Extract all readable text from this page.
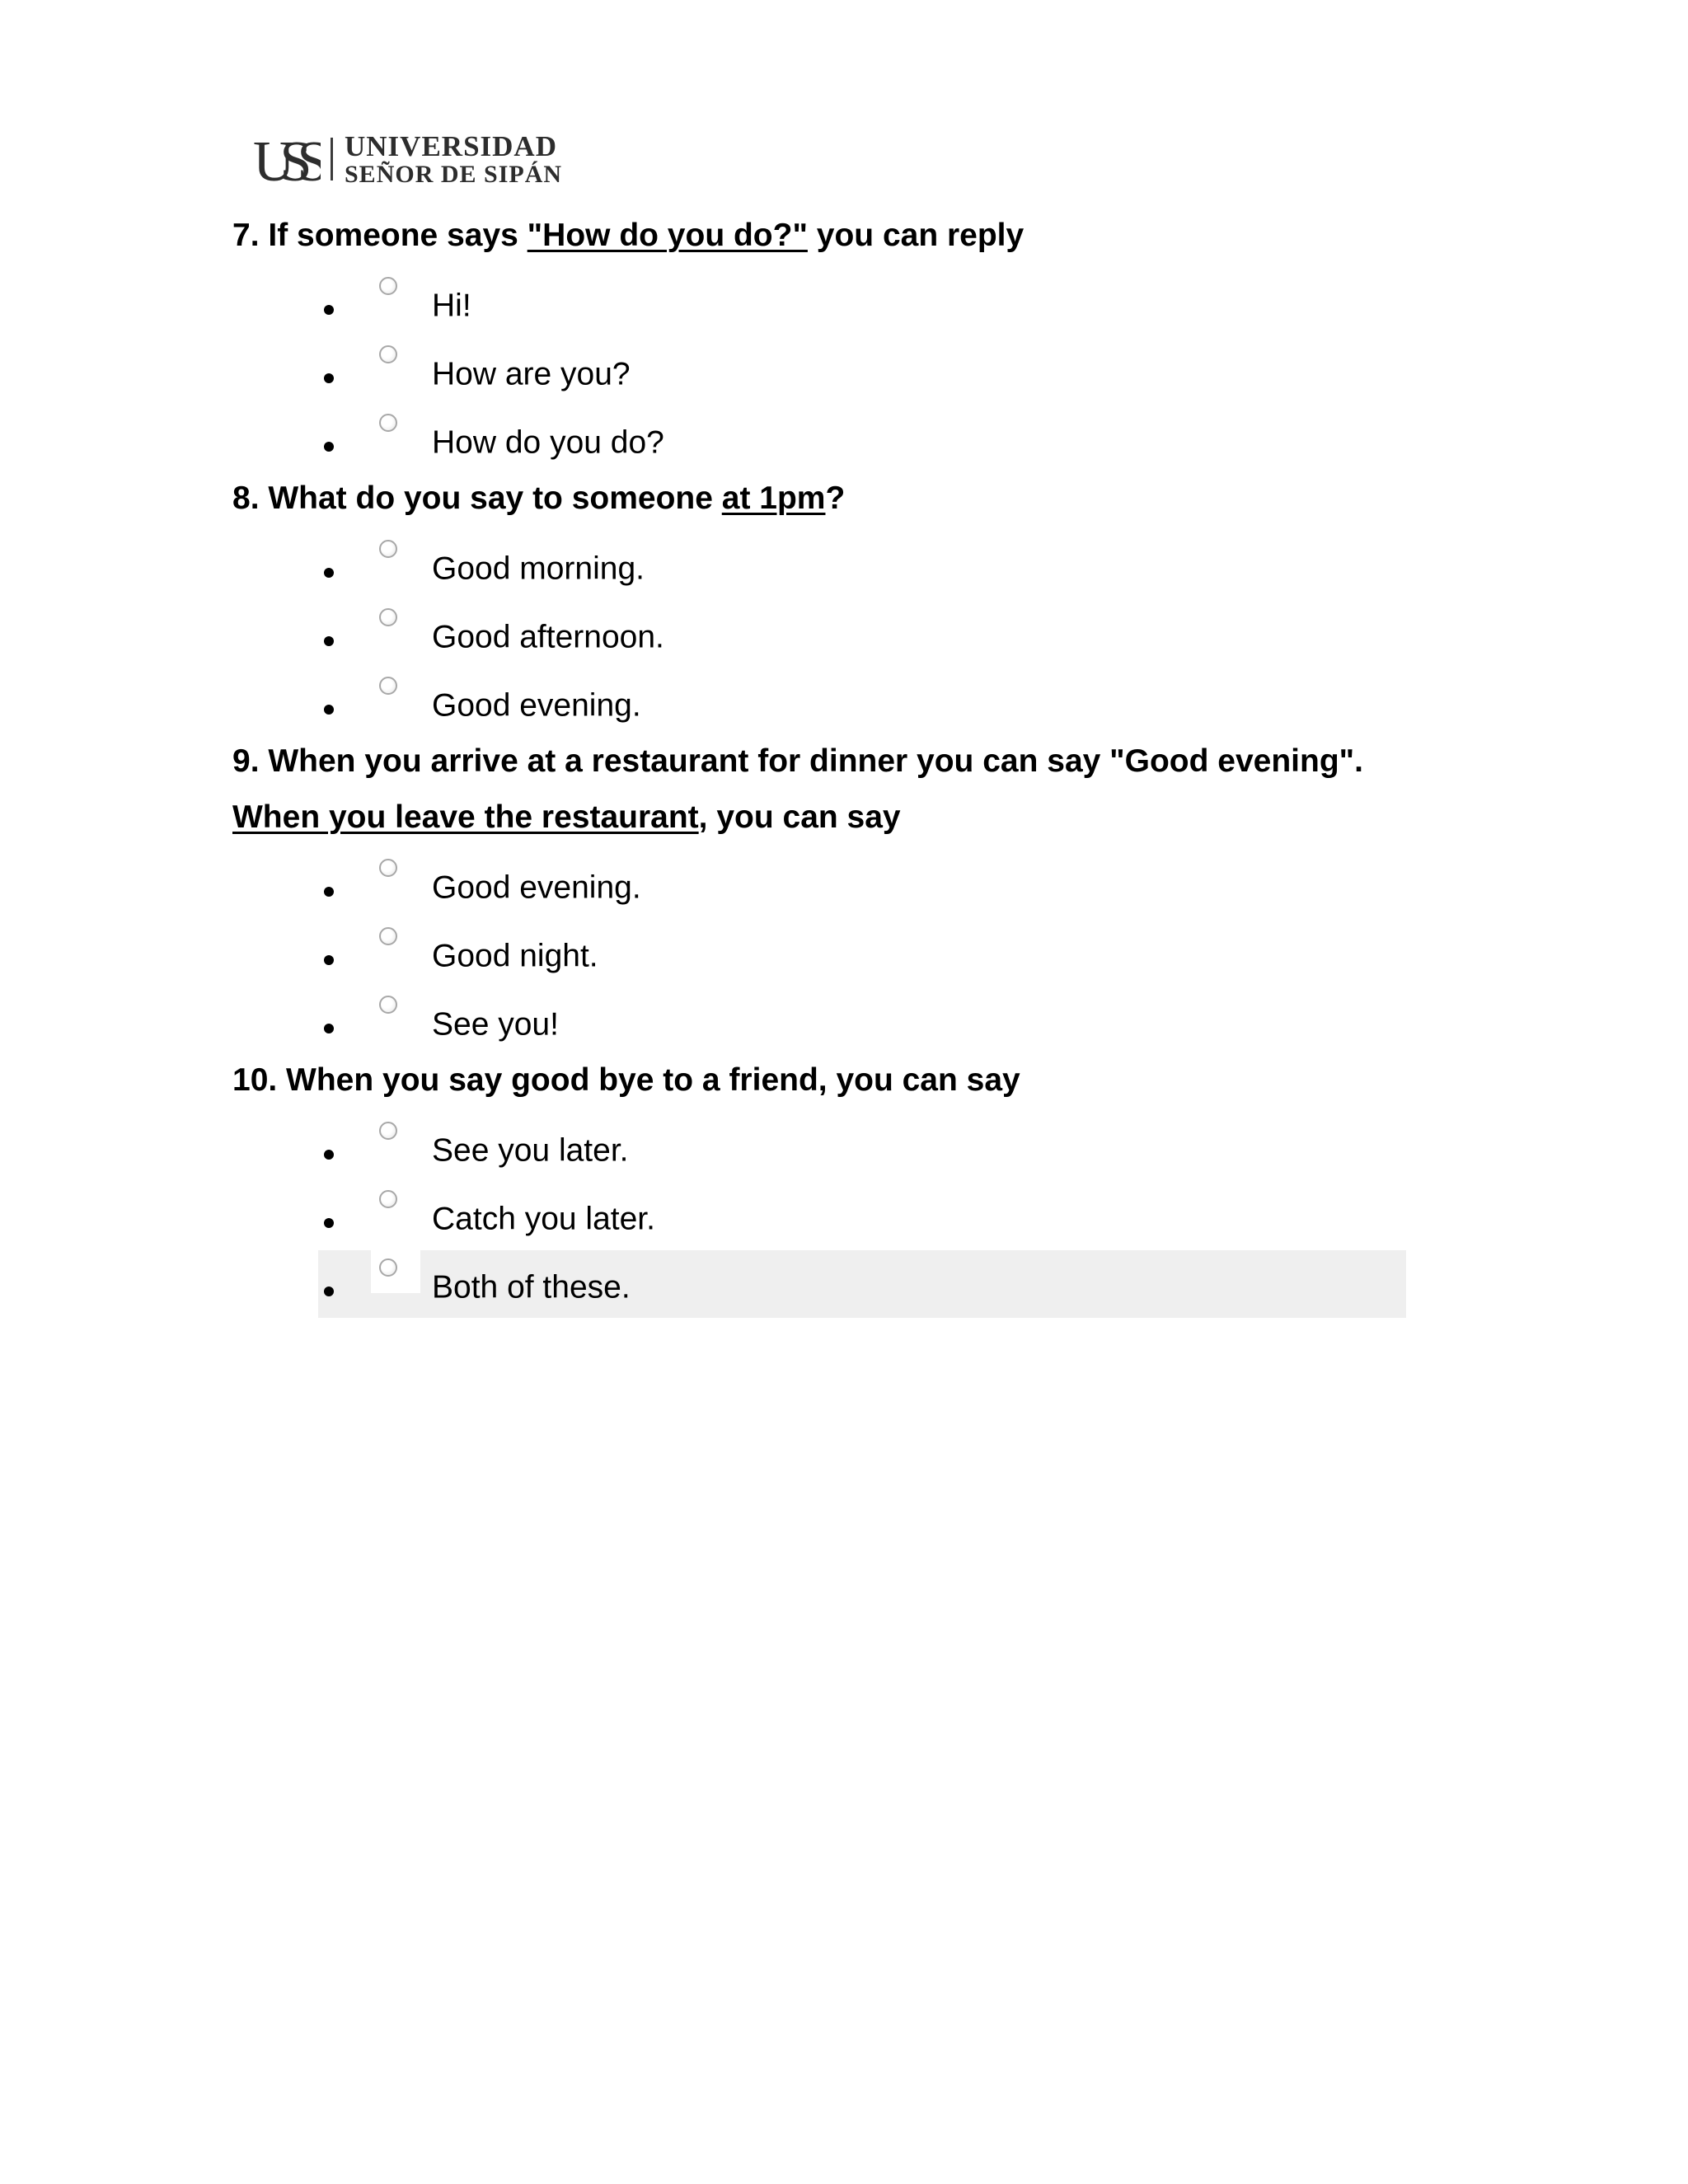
USS	UNIVERSIDAD
SEÑOR DE SIPÁN
7. If someone says "How do you do?" you can reply
Hi!
How are you?
How do you do?
8. What do you say to someone at 1pm?
Good morning.
Good afternoon.
Good evening.
9. When you arrive at a restaurant for dinner you can say "Good evening".
When you leave the restaurant, you can say
Good evening.
Good night.
See you!
10. When you say good bye to a friend, you can say
See you later.
Catch you later.
Both of these.
